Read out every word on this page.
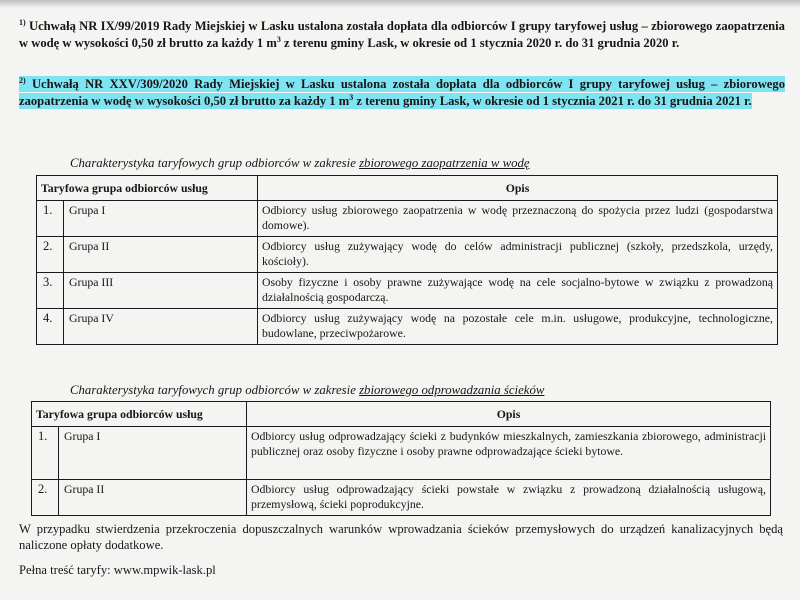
$^{1)}$ Uchwałą NR IX/99/2019 Rady Miejskiej w Lasku ustalona została dopłata dla odbiorców I grupy taryfowej usług – zbiorowego zaopatrzenia w wodę w wysokości 0,50 zł brutto za każdy 1 $m^3$ z terenu gminy Lask, w okresie od 1 stycznia 2020 r. do 31 grudnia 2020 r.

$^{2)}$ Uchwałą NR XXV/309/2020 Rady Miejskiej w Lasku ustalona została dopłata dla odbiorców I grupy taryfowej usług – zbiorowego zaopatrzenia w wodę w wysokości 0,50 zł brutto za każdy 1 $m^3$ z terenu gminy Lask, w okresie od 1 stycznia 2021 r. do 31 grudnia 2021 r.

Charakterystyka taryfowych grup odbiorców w zakresie zbiorowego zaopatrzenia w wodę
Taryfowa grupa odbiorców usług		Opis
1.	Grupa I	Odbiorcy usług zbiorowego zaopatrzenia w wodę przeznaczoną do spożycia przez ludzi (gospodarstwa domowe).
2.	Grupa II	Odbiorcy usług zużywający wodę do celów administracji publicznej (szkoły, przedszkola, urzędy, kościoły).
3.	Grupa III	Osoby fizyczne i osoby prawne zużywające wodę na cele socjalno-bytowe w związku z prowadzoną działalnością gospodarczą.
4.	Grupa IV	Odbiorcy usług zużywający wodę na pozostałe cele m.in. usługowe, produkcyjne, technologiczne, budowlane, przeciwpożarowe.
Charakterystyka taryfowych grup odbiorców w zakresie zbiorowego odprowadzania ścieków
Taryfowa grupa odbiorców usług		Opis
1.	Grupa I	Odbiorcy usług odprowadzający ścieki z budynków mieszkalnych, zamieszkania zbiorowego, administracji publicznej oraz osoby fizyczne i osoby prawne odprowadzające ścieki bytowe.
2.	Grupa II	Odbiorcy usług odprowadzający ścieki powstałe w związku z prowadzoną działalnością usługową, przemysłową, ścieki poprodukcyjne.

W przypadku stwierdzenia przekroczenia dopuszczalnych warunków wprowadzania ścieków przemysłowych do urządzeń kanalizacyjnych będą naliczone opłaty dodatkowe.

Pełna treść taryfy: www.mpwik-lask.pl
